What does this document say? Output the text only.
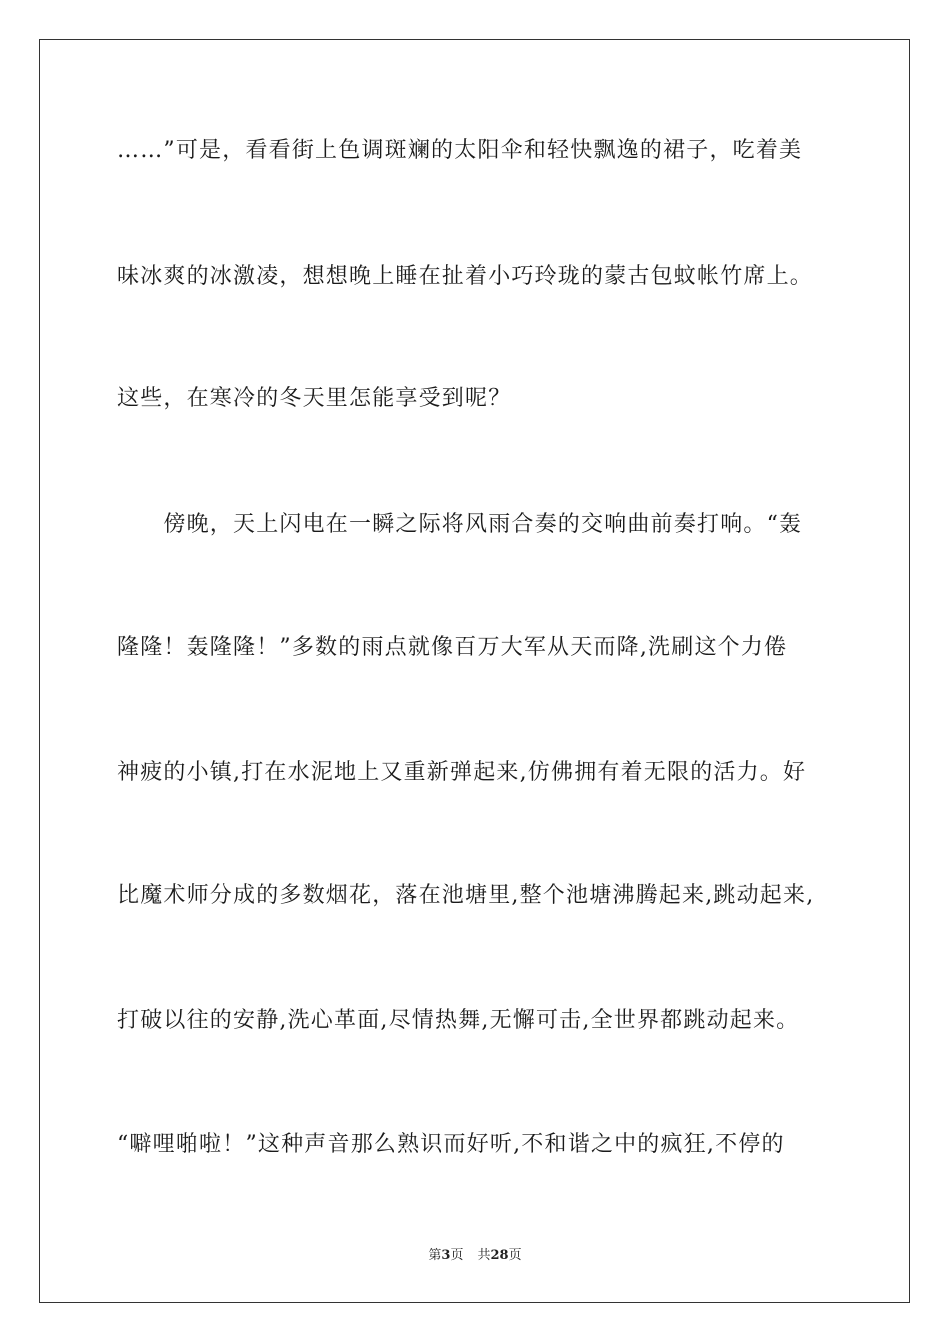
……”可是，看看街上色调斑斓的太阳伞和轻快飘逸的裙子，吃着美
味冰爽的冰激凌，想想晚上睡在扯着小巧玲珑的蒙古包蚊帐竹席上。
这些，在寒冷的冬天里怎能享受到呢？
　　傍晚，天上闪电在一瞬之际将风雨合奏的交响曲前奏打响。“轰
隆隆！轰隆隆！”多数的雨点就像百万大军从天而降,洗刷这个力倦
神疲的小镇,打在水泥地上又重新弹起来,仿佛拥有着无限的活力。好
比魔术师分成的多数烟花，落在池塘里,整个池塘沸腾起来,跳动起来,
打破以往的安静,洗心革面,尽情热舞,无懈可击,全世界都跳动起来。
“噼哩啪啦！”这种声音那么熟识而好听,不和谐之中的疯狂,不停的
第3页 共28页
